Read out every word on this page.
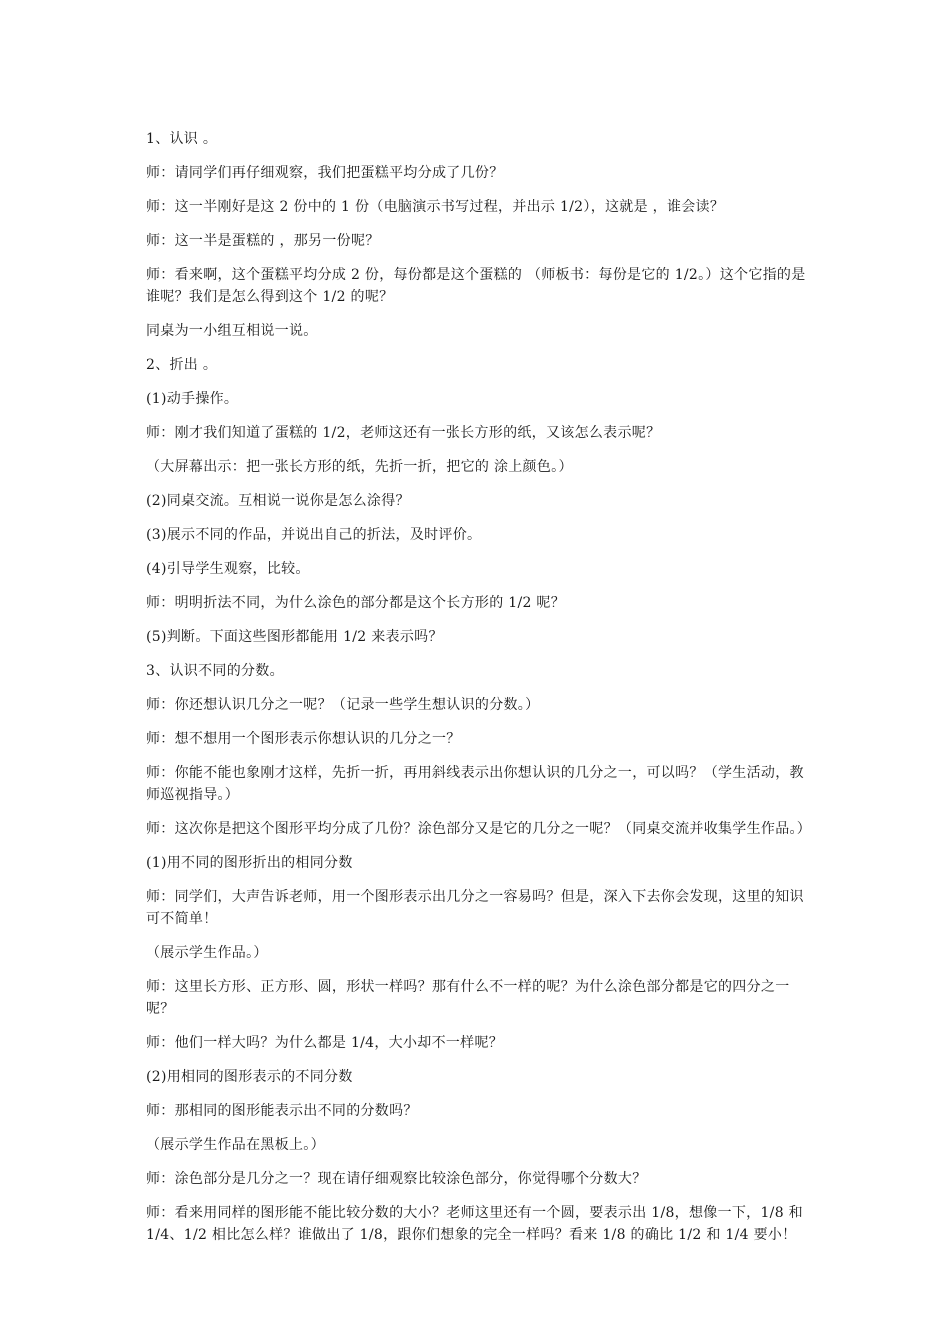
1、认识 。

师：请同学们再仔细观察，我们把蛋糕平均分成了几份？

师：这一半刚好是这 2 份中的 1 份（电脑演示书写过程，并出示 1/2），这就是 ，谁会读？

师：这一半是蛋糕的 ，那另一份呢？

师：看来啊，这个蛋糕平均分成 2 份，每份都是这个蛋糕的 （师板书：每份是它的 1/2。）这个它指的是谁呢？我们是怎么得到这个 1/2 的呢？

同桌为一小组互相说一说。

2、折出 。

(1)动手操作。

师：刚才我们知道了蛋糕的 1/2，老师这还有一张长方形的纸，又该怎么表示呢？

（大屏幕出示：把一张长方形的纸，先折一折，把它的 涂上颜色。）

(2)同桌交流。互相说一说你是怎么涂得？

(3)展示不同的作品，并说出自己的折法，及时评价。

(4)引导学生观察，比较。

师：明明折法不同，为什么涂色的部分都是这个长方形的 1/2 呢？

(5)判断。下面这些图形都能用 1/2 来表示吗？

3、认识不同的分数。

师：你还想认识几分之一呢？（记录一些学生想认识的分数。）

师：想不想用一个图形表示你想认识的几分之一？

师：你能不能也象刚才这样，先折一折，再用斜线表示出你想认识的几分之一，可以吗？（学生活动，教师巡视指导。）

师：这次你是把这个图形平均分成了几份？涂色部分又是它的几分之一呢？（同桌交流并收集学生作品。）

(1)用不同的图形折出的相同分数

师：同学们，大声告诉老师，用一个图形表示出几分之一容易吗？但是，深入下去你会发现，这里的知识可不简单！

（展示学生作品。）

师：这里长方形、正方形、圆，形状一样吗？那有什么不一样的呢？为什么涂色部分都是它的四分之一呢？

师：他们一样大吗？为什么都是 1/4，大小却不一样呢？

(2)用相同的图形表示的不同分数

师：那相同的图形能表示出不同的分数吗？

（展示学生作品在黑板上。）

师：涂色部分是几分之一？现在请仔细观察比较涂色部分，你觉得哪个分数大？

师：看来用同样的图形能不能比较分数的大小？老师这里还有一个圆，要表示出 1/8，想像一下，1/8 和 1/4、1/2 相比怎么样？谁做出了 1/8，跟你们想象的完全一样吗？看来 1/8 的确比 1/2 和 1/4 要小！
